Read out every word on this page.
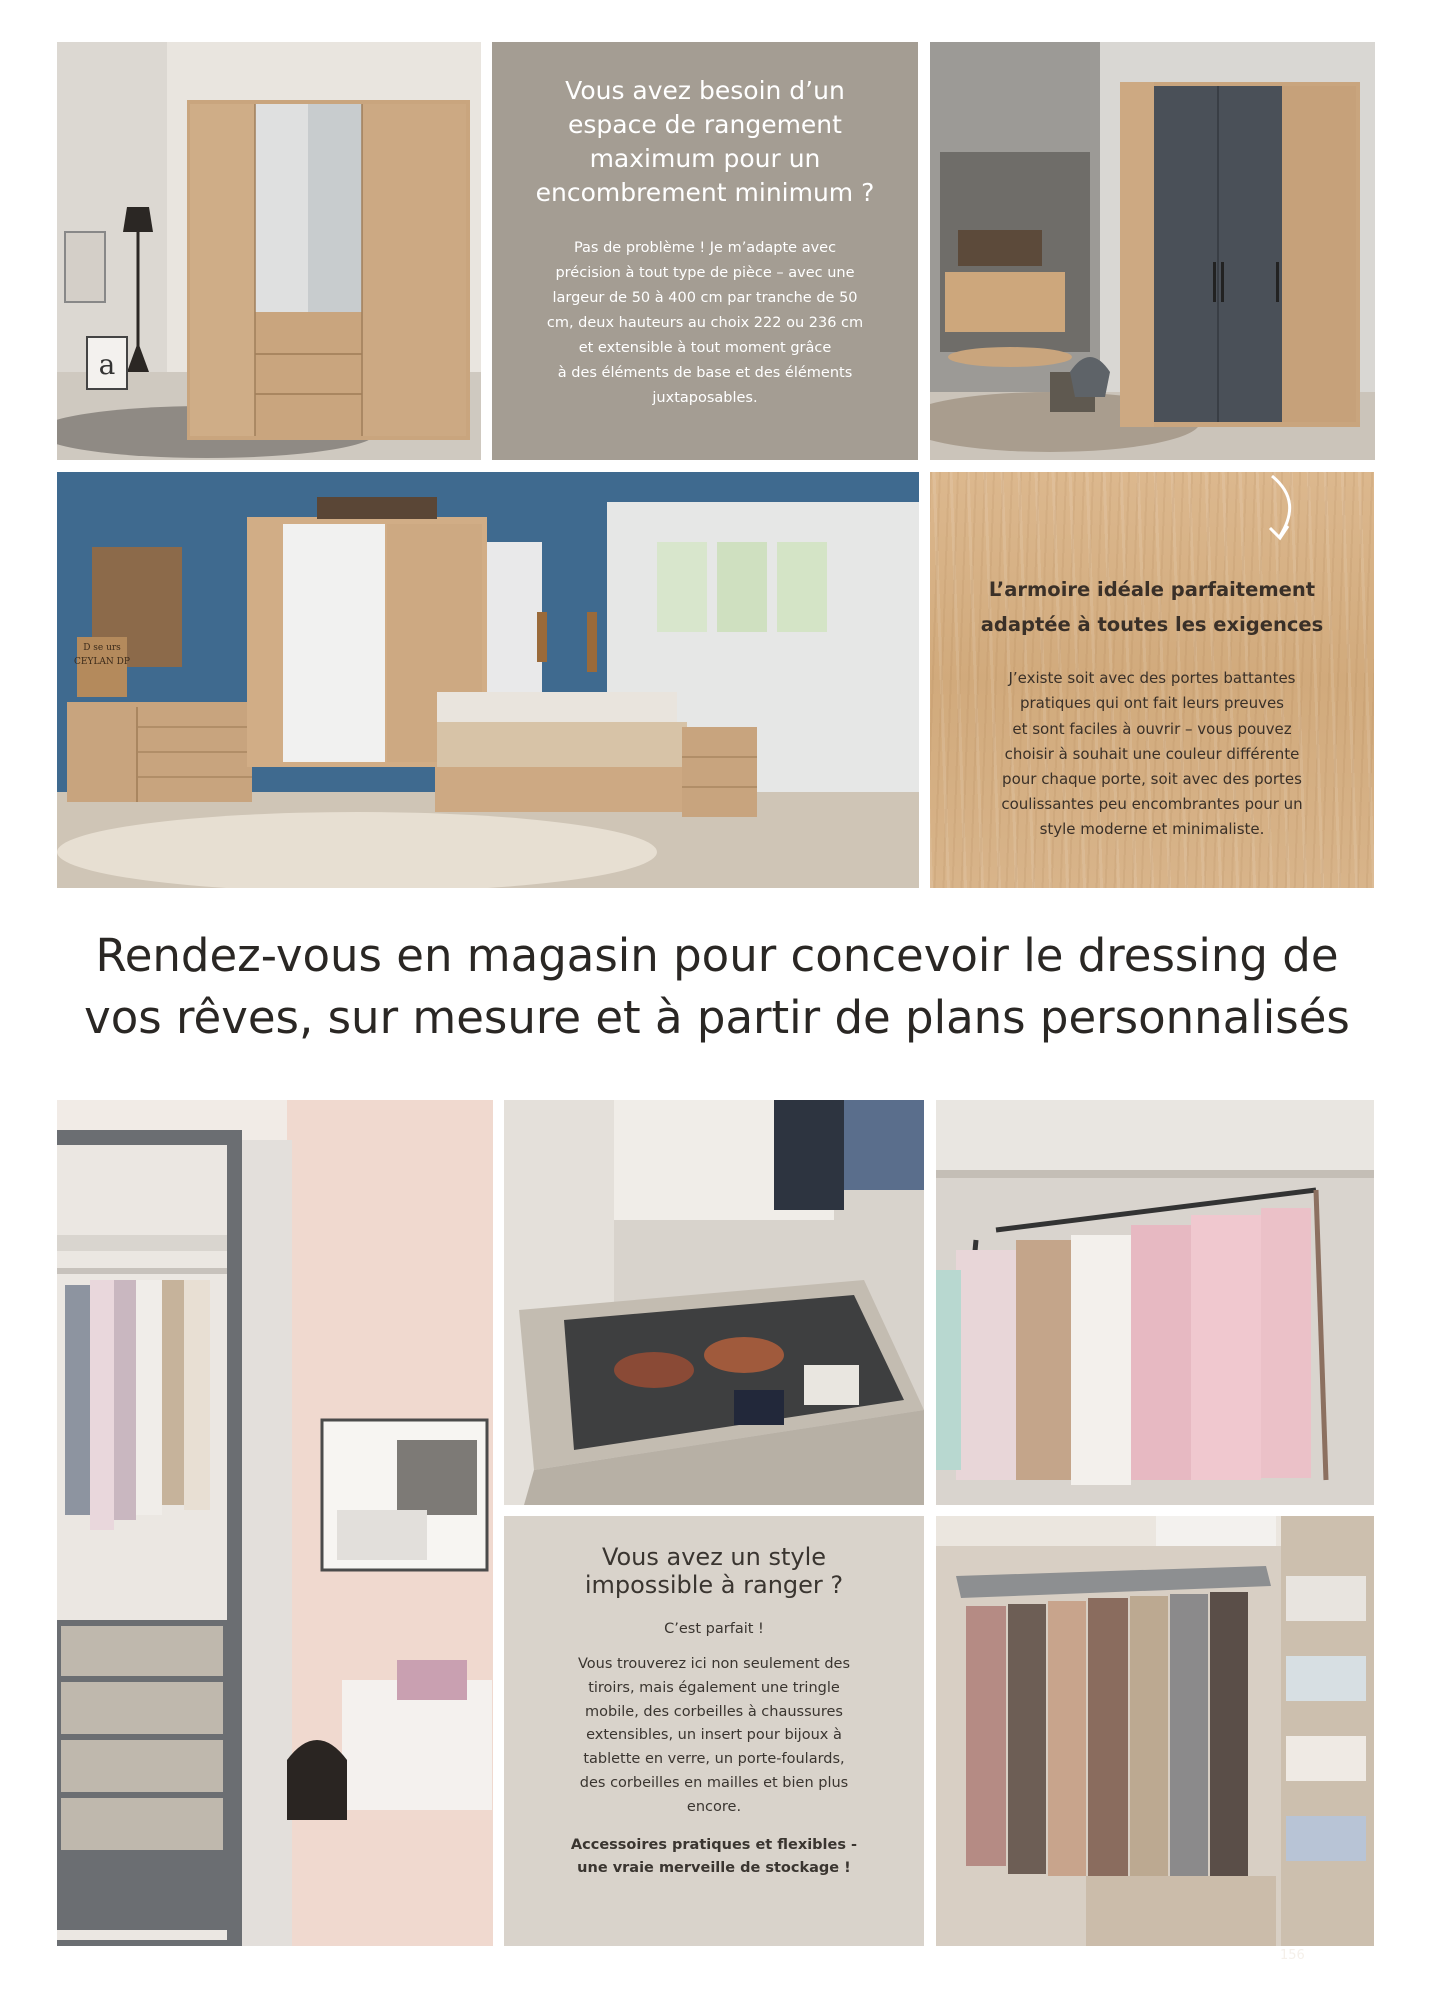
a

Vous avez besoin d’un
espace de rangement
maximum pour un
encombrement minimum ?

Pas de problème ! Je m’adapte avec
précision à tout type de pièce – avec une
largeur de 50 à 400 cm par tranche de 50
cm, deux hauteurs au choix 222 ou 236 cm
et extensible à tout moment grâce
à des éléments de base et des éléments
juxtaposables.

D se urs
CEYLAN DP

L’armoire idéale parfaitement
adaptée à toutes les exigences

J’existe soit avec des portes battantes
pratiques qui ont fait leurs preuves
et sont faciles à ouvrir – vous pouvez
choisir à souhait une couleur différente
pour chaque porte, soit avec des portes
coulissantes peu encombrantes pour un
style moderne et minimaliste.

Rendez-vous en magasin pour concevoir le dressing de
vos rêves, sur mesure et à partir de plans personnalisés

Vous avez un style
impossible à ranger ?

C’est parfait !

Vous trouverez ici non seulement des
tiroirs, mais également une tringle
mobile, des corbeilles à chaussures
extensibles, un insert pour bijoux à
tablette en verre, un porte-foulards,
des corbeilles en mailles et bien plus
encore.

Accessoires pratiques et flexibles -
une vraie merveille de stockage !

156
